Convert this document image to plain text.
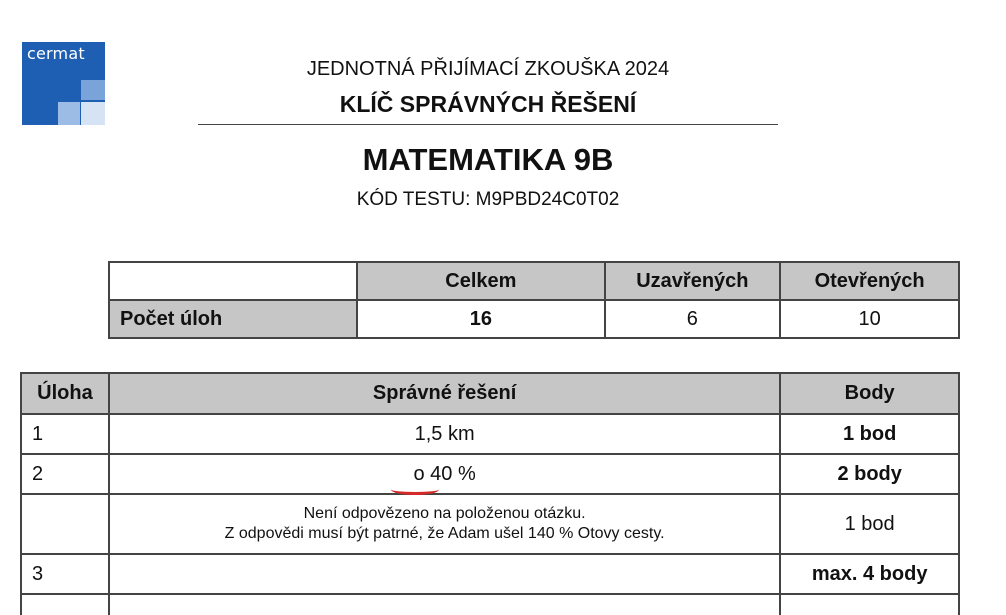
cermat
JEDNOTNÁ PŘIJÍMACÍ ZKOUŠKA 2024
KLÍČ SPRÁVNÝCH ŘEŠENÍ
MATEMATIKA 9B
KÓD TESTU: M9PBD24C0T02
	Celkem	Uzavřených	Otevřených
Počet úloh	16	6	10
Úloha	Správné řešení	Body
1	1,5 km	1 bod
2	o 40 %	2 body

	Není odpovězeno na položenou otázku.
Z odpovědi musí být patrné, že Adam ušel 140 % Otovy cesty.	1 bod
3		max. 4 body
